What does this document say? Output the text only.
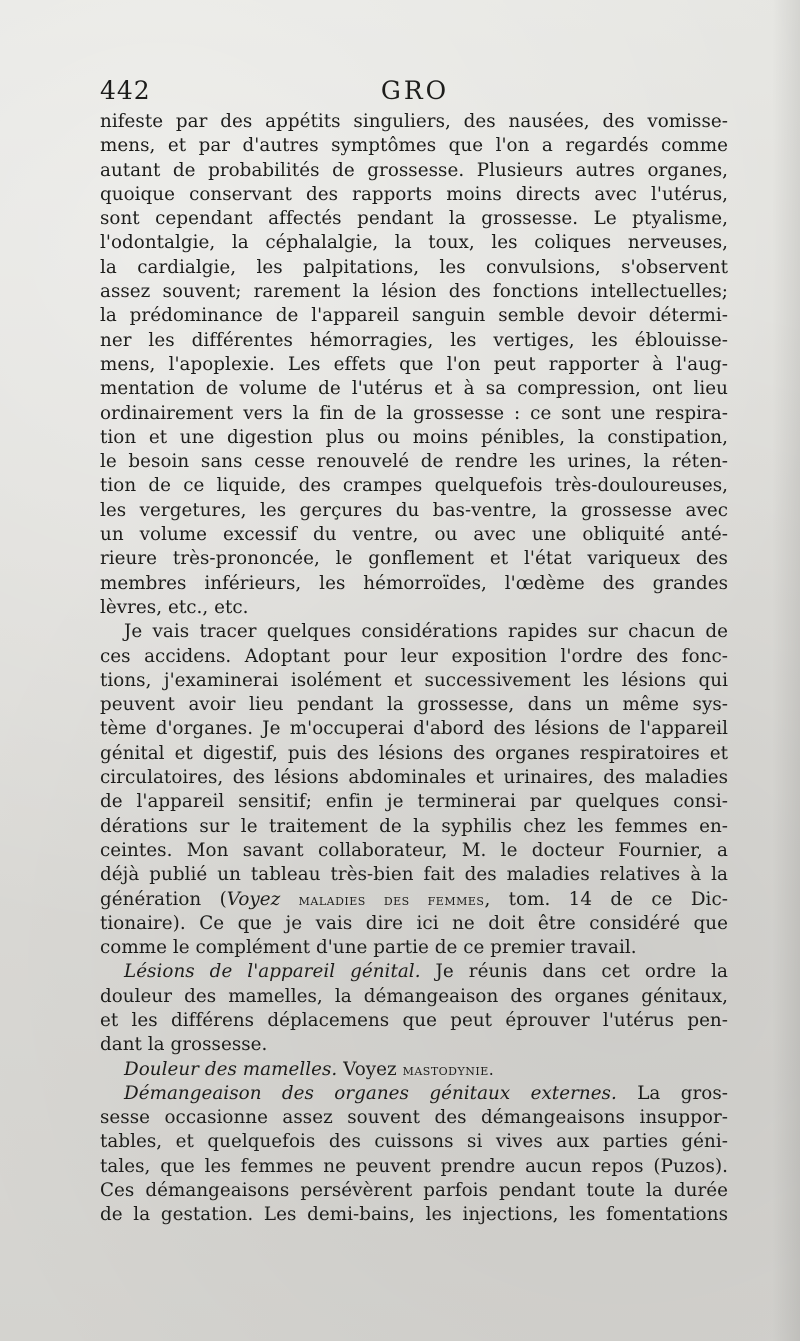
442	GRO
nifeste par des appétits singuliers, des nausées, des vomisse-
mens, et par d'autres symptômes que l'on a regardés comme
autant de probabilités de grossesse. Plusieurs autres organes,
quoique conservant des rapports moins directs avec l'utérus,
sont cependant affectés pendant la grossesse. Le ptyalisme,
l'odontalgie, la céphalalgie, la toux, les coliques nerveuses,
la cardialgie, les palpitations, les convulsions, s'observent
assez souvent; rarement la lésion des fonctions intellectuelles;
la prédominance de l'appareil sanguin semble devoir détermi-
ner les différentes hémorragies, les vertiges, les éblouisse-
mens, l'apoplexie. Les effets que l'on peut rapporter à l'aug-
mentation de volume de l'utérus et à sa compression, ont lieu
ordinairement vers la fin de la grossesse : ce sont une respira-
tion et une digestion plus ou moins pénibles, la constipation,
le besoin sans cesse renouvelé de rendre les urines, la réten-
tion de ce liquide, des crampes quelquefois très-douloureuses,
les vergetures, les gerçures du bas-ventre, la grossesse avec
un volume excessif du ventre, ou avec une obliquité anté-
rieure très-prononcée, le gonflement et l'état variqueux des
membres inférieurs, les hémorroïdes, l'œdème des grandes
lèvres, etc., etc.
Je vais tracer quelques considérations rapides sur chacun de
ces accidens. Adoptant pour leur exposition l'ordre des fonc-
tions, j'examinerai isolément et successivement les lésions qui
peuvent avoir lieu pendant la grossesse, dans un même sys-
tème d'organes. Je m'occuperai d'abord des lésions de l'appareil
génital et digestif, puis des lésions des organes respiratoires et
circulatoires, des lésions abdominales et urinaires, des maladies
de l'appareil sensitif; enfin je terminerai par quelques consi-
dérations sur le traitement de la syphilis chez les femmes en-
ceintes. Mon savant collaborateur, M. le docteur Fournier, a
déjà publié un tableau très-bien fait des maladies relatives à la
génération (Voyez maladies des femmes, tom. 14 de ce Dic-
tionaire). Ce que je vais dire ici ne doit être considéré que
comme le complément d'une partie de ce premier travail.
Lésions de l'appareil génital. Je réunis dans cet ordre la
douleur des mamelles, la démangeaison des organes génitaux,
et les différens déplacemens que peut éprouver l'utérus pen-
dant la grossesse.
Douleur des mamelles. Voyez mastodynie.
Démangeaison des organes génitaux externes. La gros-
sesse occasionne assez souvent des démangeaisons insuppor-
tables, et quelquefois des cuissons si vives aux parties géni-
tales, que les femmes ne peuvent prendre aucun repos (Puzos).
Ces démangeaisons persévèrent parfois pendant toute la durée
de la gestation. Les demi-bains, les injections, les fomentations
